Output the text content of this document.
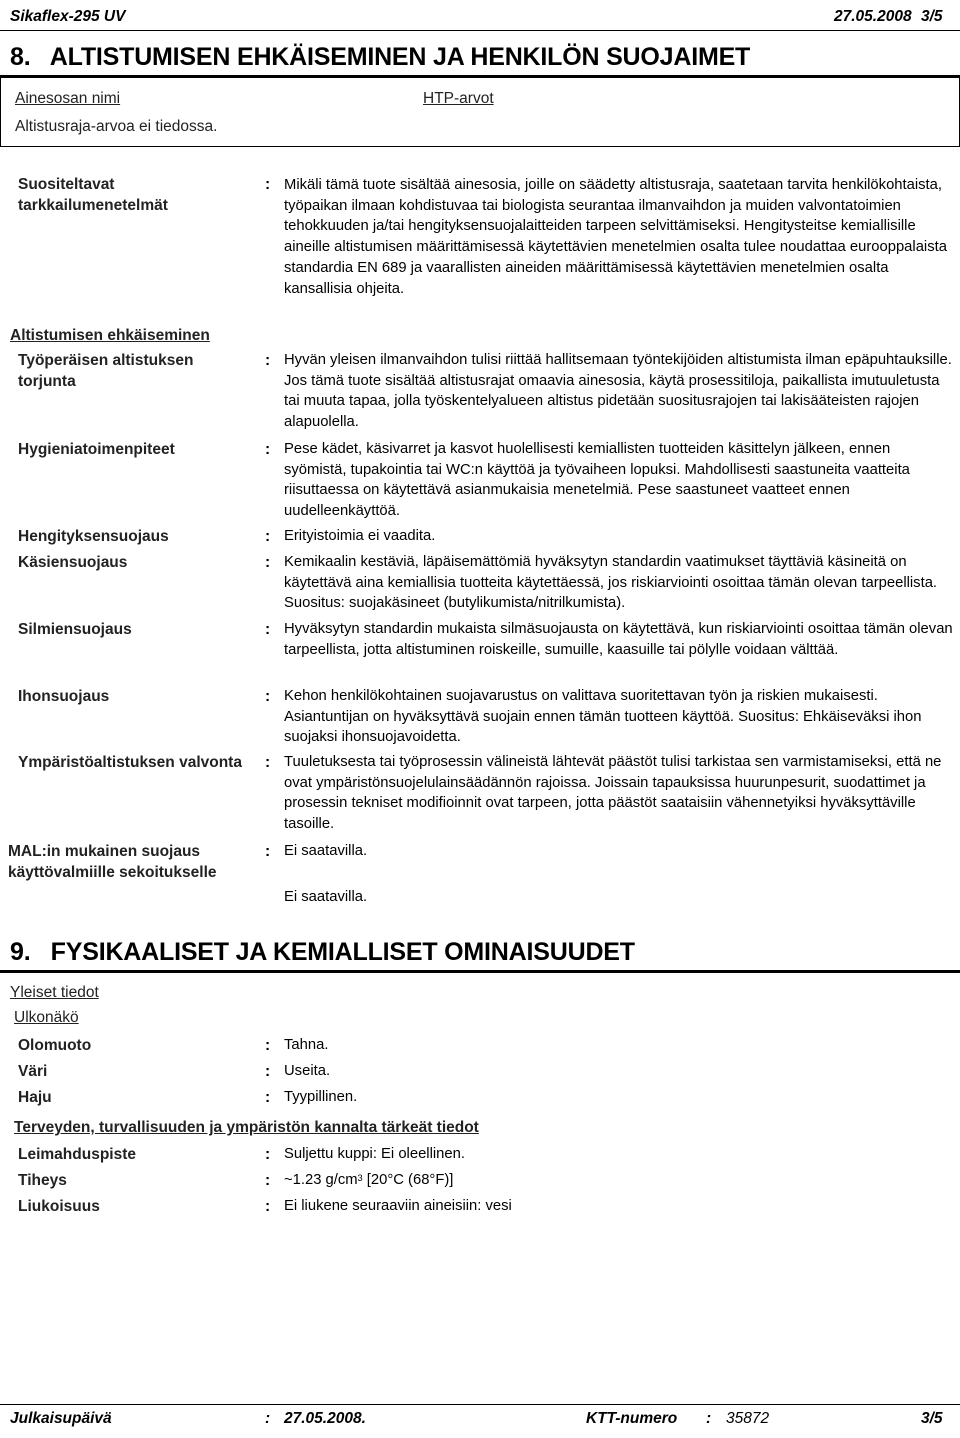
Sikaflex-295 UV	27.05.2008 3/5
8.   ALTISTUMISEN EHKÄISEMINEN JA HENKILÖN SUOJAIMET
Ainesosan nimi	HTP-arvot
Altistusraja-arvoa ei tiedossa.
Suositeltavat tarkkailumenetelmät
: Mikäli tämä tuote sisältää ainesosia, joille on säädetty altistusraja, saatetaan tarvita henkilökohtaista, työpaikan ilmaan kohdistuvaa tai biologista seurantaa ilmanvaihdon ja muiden valvontatoimien tehokkuuden ja/tai hengityksensuojalaitteiden tarpeen selvittämiseksi. Hengitysteitse kemiallisille aineille altistumisen määrittämisessä käytettävien menetelmien osalta tulee noudattaa eurooppalaista standardia EN 689 ja vaarallisten aineiden määrittämisessä käytettävien menetelmien osalta kansallisia ohjeita.
Altistumisen ehkäiseminen
Työperäisen altistuksen torjunta
: Hyvän yleisen ilmanvaihdon tulisi riittää hallitsemaan työntekijöiden altistumista ilman epäpuhtauksille. Jos tämä tuote sisältää altistusrajat omaavia ainesosia, käytä prosessitiloja, paikallista imutuuletusta tai muuta tapaa, jolla työskentelyalueen altistus pidetään suositusrajojen tai lakisääteisten rajojen alapuolella.
Hygieniatoimenpiteet	: Pese kädet, käsivarret ja kasvot huolellisesti kemiallisten tuotteiden käsittelyn jälkeen, ennen syömistä, tupakointia tai WC:n käyttöä ja työvaiheen lopuksi. Mahdollisesti saastuneita vaatteita riisuttaessa on käytettävä asianmukaisia menetelmiä. Pese saastuneet vaatteet ennen uudelleenkäyttöä.
Hengityksensuojaus	: Erityistoimia ei vaadita.
Käsiensuojaus	: Kemikaalin kestäviä, läpäisemättömiä hyväksytyn standardin vaatimukset täyttäviä käsineitä on käytettävä aina kemiallisia tuotteita käytettäessä, jos riskiarviointi osoittaa tämän olevan tarpeellista. Suositus: suojakäsineet (butylikumista/nitrilkumista).
Silmiensuojaus	: Hyväksytyn standardin mukaista silmäsuojausta on käytettävä, kun riskiarviointi osoittaa tämän olevan tarpeellista, jotta altistuminen roiskeille, sumuille, kaasuille tai pölylle voidaan välttää.
Ihonsuojaus	: Kehon henkilökohtainen suojavarustus on valittava suoritettavan työn ja riskien mukaisesti. Asiantuntijan on hyväksyttävä suojain ennen tämän tuotteen käyttöä. Suositus: Ehkäiseväksi ihon suojaksi ihonsuojavoidetta.
Ympäristöaltistuksen valvonta	: Tuuletuksesta tai työprosessin välineistä lähtevät päästöt tulisi tarkistaa sen varmistamiseksi, että ne ovat ympäristönsuojelulainsäädännön rajoissa. Joissain tapauksissa huurunpesurit, suodattimet ja prosessin tekniset modifioinnit ovat tarpeen, jotta päästöt saataisiin vähennetyiksi hyväksyttäville tasoille.
MAL:in mukainen suojaus käyttövalmiille sekoitukselle
: Ei saatavilla.
Ei saatavilla.
9.   FYSIKAALISET JA KEMIALLISET OMINAISUUDET
Yleiset tiedot
Ulkonäkö
Olomuoto	: Tahna.
Väri	: Useita.
Haju	: Tyypillinen.
Terveyden, turvallisuuden ja ympäristön kannalta tärkeät tiedot
Leimahduspiste	: Suljettu kuppi: Ei oleellinen.
Tiheys	: ~1.23 $g/cm^3$ [20°C (68°F)]
Liukoisuus	: Ei liukene seuraaviin aineisiin: vesi
Julkaisupäivä	: 27.05.2008.	KTT-numero : 35872	3/5
